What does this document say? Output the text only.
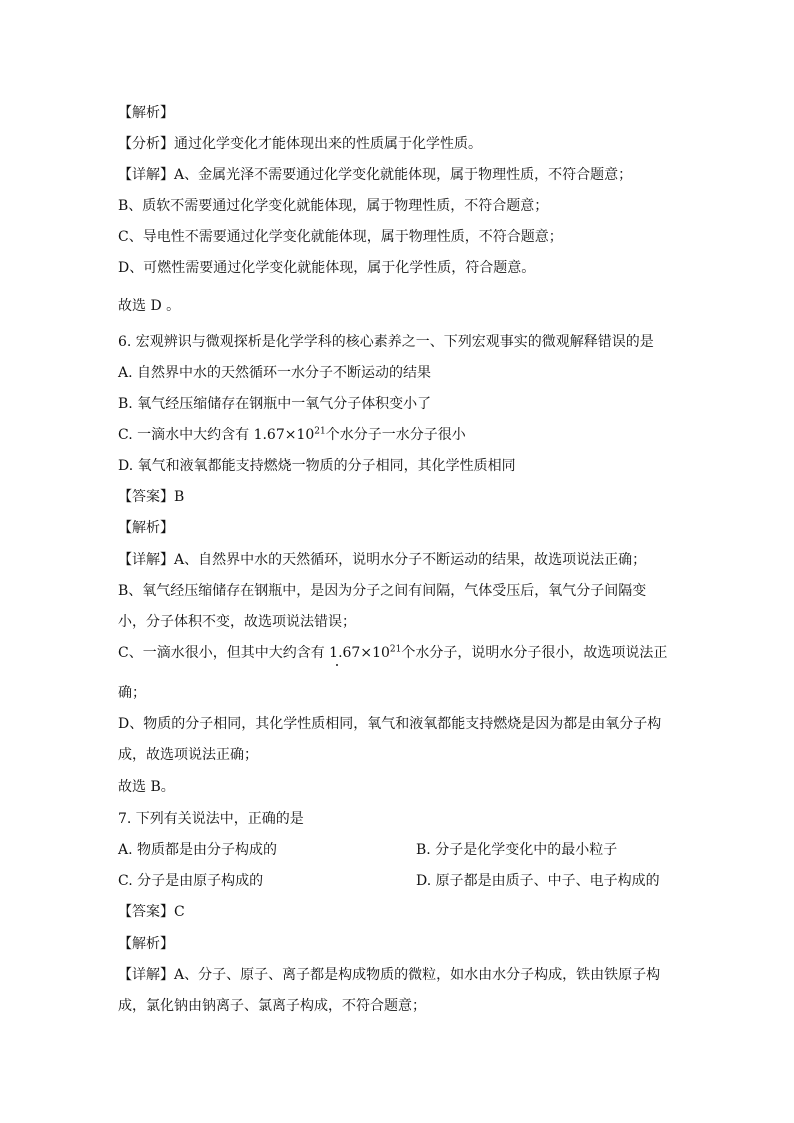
【解析】
【分析】通过化学变化才能体现出来的性质属于化学性质。
【详解】A、金属光泽不需要通过化学变化就能体现，属于物理性质，不符合题意；
B、质软不需要通过化学变化就能体现，属于物理性质，不符合题意；
C、导电性不需要通过化学变化就能体现，属于物理性质，不符合题意；
D、可燃性需要通过化学变化就能体现，属于化学性质，符合题意。
故选 D 。
6. 宏观辨识与微观探析是化学学科的核心素养之一、下列宏观事实的微观解释错误的是
A. 自然界中水的天然循环一水分子不断运动的结果
B. 氧气经压缩储存在钢瓶中一氧气分子体积变小了
C. 一滴水中大约含有 $1.67\times 10^{21}$个水分子一水分子很小
D. 氧气和液氧都能支持燃烧一物质的分子相同，其化学性质相同
【答案】B
【解析】
【详解】A、自然界中水的天然循环，说明水分子不断运动的结果，故选项说法正确；
B、氧气经压缩储存在钢瓶中，是因为分子之间有间隔，气体受压后，氧气分子间隔变
小，分子体积不变，故选项说法错误；
C、一滴水很小，但其中大约含有 $1.67\times 10^{21}$个水分子，说明水分子很小，故选项说法正
确；
D、物质的分子相同，其化学性质相同，氧气和液氧都能支持燃烧是因为都是由氧分子构
成，故选项说法正确；
故选 B。
7. 下列有关说法中，正确的是
A. 物质都是由分子构成的	B. 分子是化学变化中的最小粒子
C. 分子是由原子构成的	D. 原子都是由质子、中子、电子构成的
【答案】C
【解析】
【详解】A、分子、原子、离子都是构成物质的微粒，如水由水分子构成，铁由铁原子构
成，氯化钠由钠离子、氯离子构成，不符合题意；
